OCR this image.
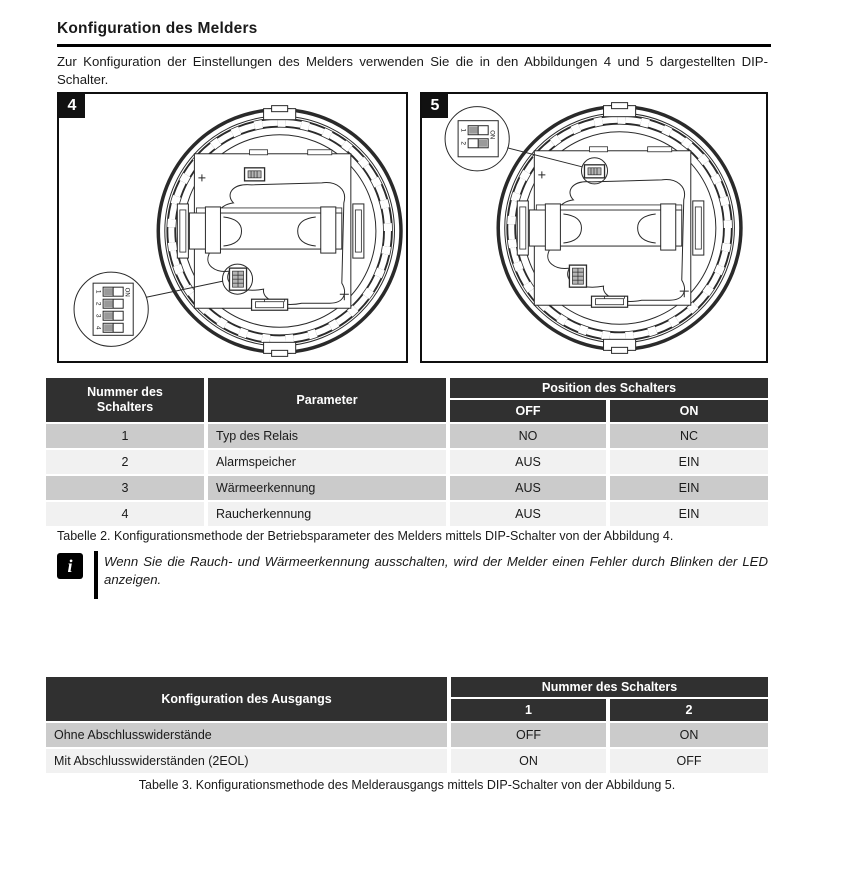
Konfiguration des Melders

Zur Konfiguration der Einstellungen des Melders verwenden Sie die in den Abbildungen 4 und 5 dargestellten DIP-Schalter.

1
2
3
4
ON
4
1
2
ON
5
Nummer des Schalters
Parameter
Position des Schalters
OFF	ON
1	Typ des Relais	NO	NC
2	Alarmspeicher	AUS	EIN
3	Wärmeerkennung	AUS	EIN
4	Raucherkennung	AUS	EIN
Tabelle 2. Konfigurationsmethode der Betriebsparameter des Melders mittels DIP-Schalter von der Abbildung 4.
i	Wenn Sie die Rauch- und Wärmeerkennung ausschalten, wird der Melder einen Fehler durch Blinken der LED anzeigen.

Konfiguration des Ausgangs
Nummer des Schalters
1	2
Ohne Abschlusswiderstände	OFF	ON
Mit Abschlusswiderständen (2EOL)	ON	OFF
Tabelle 3. Konfigurationsmethode des Melderausgangs mittels DIP-Schalter von der Abbildung 5.
